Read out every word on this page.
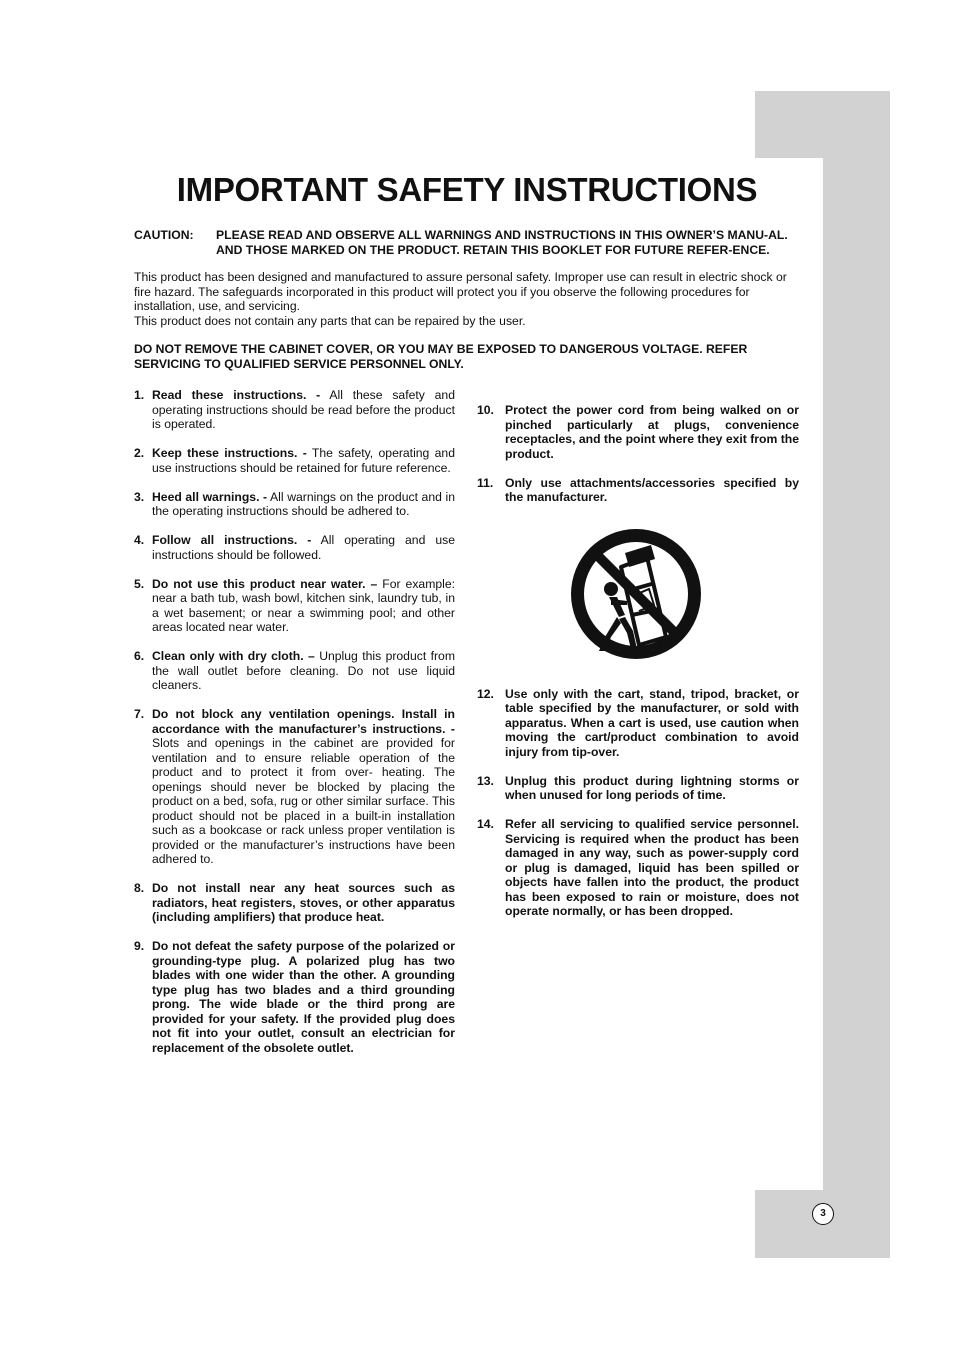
3
IMPORTANT SAFETY INSTRUCTIONS
CAUTION: PLEASE READ AND OBSERVE ALL WARNINGS AND INSTRUCTIONS IN THIS OWNER’S MANU-AL. AND THOSE MARKED ON THE PRODUCT. RETAIN THIS BOOKLET FOR FUTURE REFER-ENCE.

This product has been designed and manufactured to assure personal safety. Improper use can result in electric shock or fire hazard. The safeguards incorporated in this product will protect you if you observe the following procedures for installation, use, and servicing.

This product does not contain any parts that can be repaired by the user.

DO NOT REMOVE THE CABINET COVER, OR YOU MAY BE EXPOSED TO DANGEROUS VOLTAGE. REFER SERVICING TO QUALIFIED SERVICE PERSONNEL ONLY.
1. Read these instructions. - All these safety and operating instructions should be read before the product is operated.
2. Keep these instructions. - The safety, operating and use instructions should be retained for future reference.
3. Heed all warnings. - All warnings on the product and in the operating instructions should be adhered to.
4. Follow all instructions. - All operating and use instructions should be followed.
5. Do not use this product near water. – For example: near a bath tub, wash bowl, kitchen sink, laundry tub, in a wet basement; or near a swimming pool; and other areas located near water.
6. Clean only with dry cloth. – Unplug this product from the wall outlet before cleaning. Do not use liquid cleaners.
7. Do not block any ventilation openings. Install in accordance with the manufacturer’s instructions. - Slots and openings in the cabinet are provided for ventilation and to ensure reliable operation of the product and to protect it from over- heating. The openings should never be blocked by placing the product on a bed, sofa, rug or other similar surface. This product should not be placed in a built-in installation such as a bookcase or rack unless proper ventilation is provided or the manufacturer’s instructions have been adhered to.
8. Do not install near any heat sources such as radiators, heat registers, stoves, or other apparatus (including amplifiers) that produce heat.
9. Do not defeat the safety purpose of the polarized or grounding-type plug. A polarized plug has two blades with one wider than the other. A grounding type plug has two blades and a third grounding prong. The wide blade or the third prong are provided for your safety. If the provided plug does not fit into your outlet, consult an electrician for replacement of the obsolete outlet.
10. Protect the power cord from being walked on or pinched particularly at plugs, convenience receptacles, and the point where they exit from the product.
11. Only use attachments/accessories specified by the manufacturer.
12. Use only with the cart, stand, tripod, bracket, or table specified by the manufacturer, or sold with apparatus. When a cart is used, use caution when moving the cart/product combination to avoid injury from tip-over.
13. Unplug this product during lightning storms or when unused for long periods of time.
14. Refer all servicing to qualified service personnel. Servicing is required when the product has been damaged in any way, such as power-supply cord or plug is damaged, liquid has been spilled or objects have fallen into the product, the product has been exposed to rain or moisture, does not operate normally, or has been dropped.
